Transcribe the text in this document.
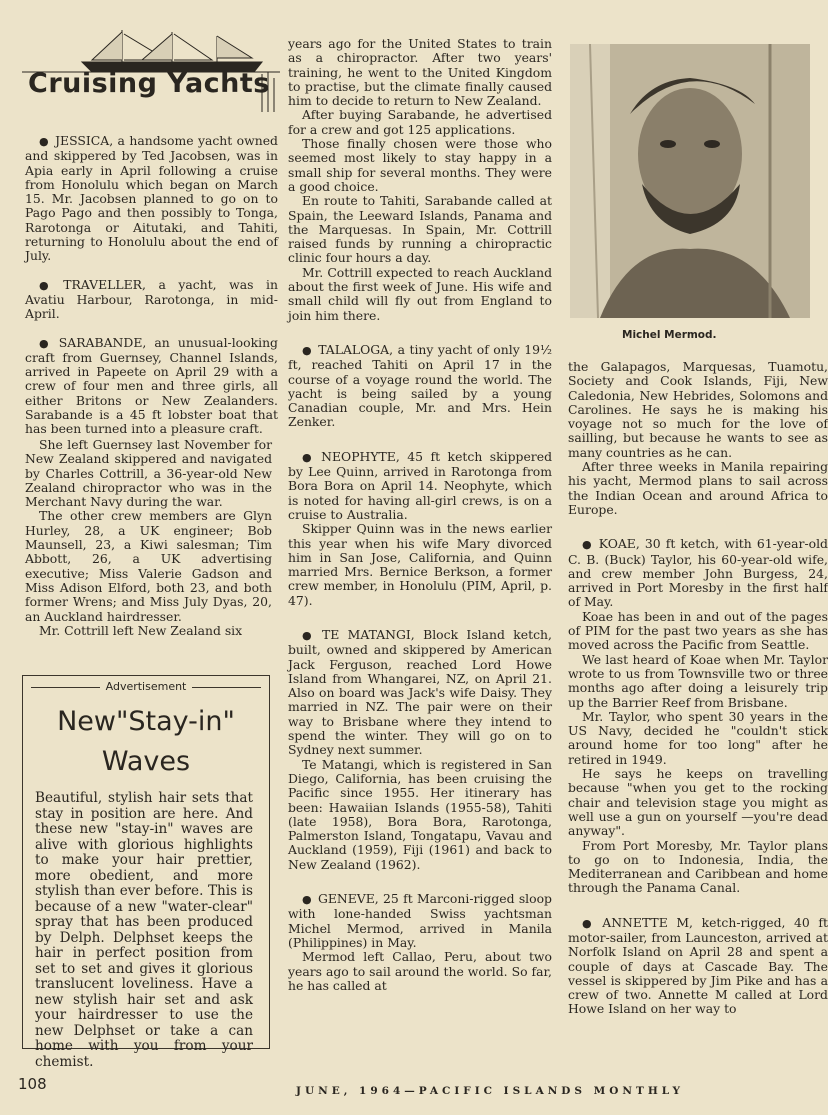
Cruising Yachts

● JESSICA, a handsome yacht owned and skippered by Ted Jacobsen, was in Apia early in April following a cruise from Honolulu which began on March 15. Mr. Jacobsen planned to go on to Pago Pago and then possibly to Tonga, Rarotonga or Aitutaki, and Tahiti, returning to Honolulu about the end of July.

● TRAVELLER, a yacht, was in Avatiu Harbour, Rarotonga, in mid-April.

● SARABANDE, an unusual-looking craft from Guernsey, Channel Islands, arrived in Papeete on April 29 with a crew of four men and three girls, all either Britons or New Zealanders. Sarabande is a 45 ft lobster boat that has been turned into a pleasure craft.

She left Guernsey last November for New Zealand skippered and navigated by Charles Cottrill, a 36-year-old New Zealand chiropractor who was in the Merchant Navy during the war.

The other crew members are Glyn Hurley, 28, a UK engineer; Bob Maunsell, 23, a Kiwi salesman; Tim Abbott, 26, a UK advertising executive; Miss Valerie Gadson and Miss Adison Elford, both 23, and both former Wrens; and Miss July Dyas, 20, an Auckland hairdresser.

Mr. Cottrill left New Zealand six

Advertisement
New"Stay-in"
Waves
Beautiful, stylish hair sets that stay in position are here. And these new "stay-in" waves are alive with glorious highlights to make your hair prettier, more obedient, and more stylish than ever before. This is because of a new "water-clear" spray that has been produced by Delph. Delphset keeps the hair in perfect position from set to set and gives it glorious translucent loveliness. Have a new stylish hair set and ask your hairdresser to use the new Delphset or take a can home with you from your chemist.

years ago for the United States to train as a chiropractor. After two years' training, he went to the United Kingdom to practise, but the climate finally caused him to decide to return to New Zealand.

After buying Sarabande, he advertised for a crew and got 125 applications.

Those finally chosen were those who seemed most likely to stay happy in a small ship for several months. They were a good choice.

En route to Tahiti, Sarabande called at Spain, the Leeward Islands, Panama and the Marquesas. In Spain, Mr. Cottrill raised funds by running a chiropractic clinic four hours a day.

Mr. Cottrill expected to reach Auckland about the first week of June. His wife and small child will fly out from England to join him there.

● TALALOGA, a tiny yacht of only 19½ ft, reached Tahiti on April 17 in the course of a voyage round the world. The yacht is being sailed by a young Canadian couple, Mr. and Mrs. Hein Zenker.

● NEOPHYTE, 45 ft ketch skippered by Lee Quinn, arrived in Rarotonga from Bora Bora on April 14. Neophyte, which is noted for having all-girl crews, is on a cruise to Australia.

Skipper Quinn was in the news earlier this year when his wife Mary divorced him in San Jose, California, and Quinn married Mrs. Bernice Berkson, a former crew member, in Honolulu (PIM, April, p. 47).

● TE MATANGI, Block Island ketch, built, owned and skippered by American Jack Ferguson, reached Lord Howe Island from Whangarei, NZ, on April 21. Also on board was Jack's wife Daisy. They married in NZ. The pair were on their way to Brisbane where they intend to spend the winter. They will go on to Sydney next summer.

Te Matangi, which is registered in San Diego, California, has been cruising the Pacific since 1955. Her itinerary has been: Hawaiian Islands (1955-58), Tahiti (late 1958), Bora Bora, Rarotonga, Palmerston Island, Tongatapu, Vavau and Auckland (1959), Fiji (1961) and back to New Zealand (1962).

● GENEVE, 25 ft Marconi-rigged sloop with lone-handed Swiss yachtsman Michel Mermod, arrived in Manila (Philippines) in May.

Mermod left Callao, Peru, about two years ago to sail around the world. So far, he has called at

Michel Mermod.

the Galapagos, Marquesas, Tuamotu, Society and Cook Islands, Fiji, New Caledonia, New Hebrides, Solomons and Carolines. He says he is making his voyage not so much for the love of sailling, but because he wants to see as many countries as he can.

After three weeks in Manila repairing his yacht, Mermod plans to sail across the Indian Ocean and around Africa to Europe.

● KOAE, 30 ft ketch, with 61-year-old C. B. (Buck) Taylor, his 60-year-old wife, and crew member John Burgess, 24, arrived in Port Moresby in the first half of May.

Koae has been in and out of the pages of PIM for the past two years as she has moved across the Pacific from Seattle.

We last heard of Koae when Mr. Taylor wrote to us from Townsville two or three months ago after doing a leisurely trip up the Barrier Reef from Brisbane.

Mr. Taylor, who spent 30 years in the US Navy, decided he "couldn't stick around home for too long" after he retired in 1949.

He says he keeps on travelling because "when you get to the rocking chair and television stage you might as well use a gun on yourself —you're dead anyway".

From Port Moresby, Mr. Taylor plans to go on to Indonesia, India, the Mediterranean and Caribbean and home through the Panama Canal.

● ANNETTE M, ketch-rigged, 40 ft motor-sailer, from Launceston, arrived at Norfolk Island on April 28 and spent a couple of days at Cascade Bay. The vessel is skippered by Jim Pike and has a crew of two. Annette M called at Lord Howe Island on her way to

108	JUNE, 1964—PACIFIC ISLANDS MONTHLY
